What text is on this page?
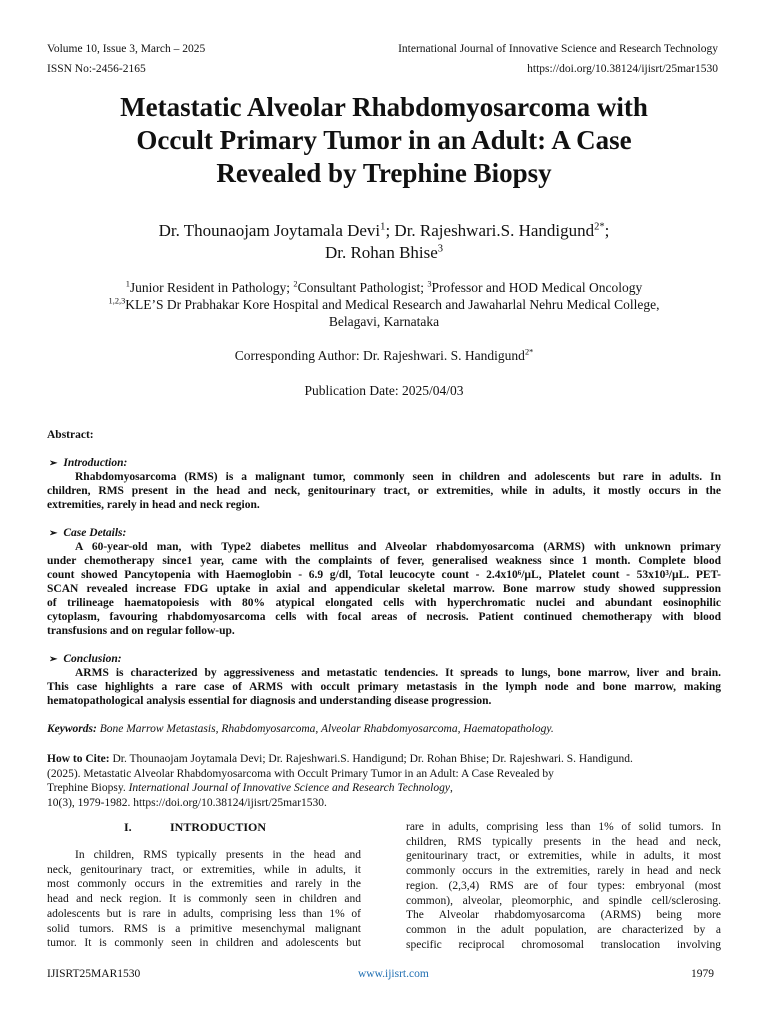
Volume 10, Issue 3, March – 2025	International Journal of Innovative Science and Research Technology
ISSN No:-2456-2165	https://doi.org/10.38124/ijisrt/25mar1530
Metastatic Alveolar Rhabdomyosarcoma with
Occult Primary Tumor in an Adult: A Case
Revealed by Trephine Biopsy
Dr. Thounaojam Joytamala Devi$^1$; Dr. Rajeshwari.S. Handigund$^{2*}$;
Dr. Rohan Bhise$^3$
$^1$Junior Resident in Pathology; $^2$Consultant Pathologist; $^3$Professor and HOD Medical Oncology
$^{1,2,3}$KLE’S Dr Prabhakar Kore Hospital and Medical Research and Jawaharlal Nehru Medical College,
Belagavi, Karnataka
Corresponding Author: Dr. Rajeshwari. S. Handigund$^{2*}$
Publication Date: 2025/04/03
Abstract:
➢ Introduction:
Rhabdomyosarcoma (RMS) is a malignant tumor, commonly seen in children and adolescents but rare in adults. In
children, RMS present in the head and neck, genitourinary tract, or extremities, while in adults, it mostly occurs in the
extremities, rarely in head and neck region.
➢ Case Details:
A 60-year-old man, with Type2 diabetes mellitus and Alveolar rhabdomyosarcoma (ARMS) with unknown primary
under chemotherapy since1 year, came with the complaints of fever, generalised weakness since 1 month. Complete blood
count showed Pancytopenia with Haemoglobin - 6.9 g/dl, Total leucocyte count - 2.4x10⁶/µL, Platelet count - 53x10³/µL. PET-
SCAN revealed increase FDG uptake in axial and appendicular skeletal marrow. Bone marrow study showed suppression
of trilineage haematopoiesis with 80% atypical elongated cells with hyperchromatic nuclei and abundant eosinophilic
cytoplasm, favouring rhabdomyosarcoma cells with focal areas of necrosis. Patient continued chemotherapy with blood
transfusions and on regular follow-up.
➢ Conclusion:
ARMS is characterized by aggressiveness and metastatic tendencies. It spreads to lungs, bone marrow, liver and brain.
This case highlights a rare case of ARMS with occult primary metastasis in the lymph node and bone marrow, making
hematopathological analysis essential for diagnosis and understanding disease progression.
Keywords: Bone Marrow Metastasis, Rhabdomyosarcoma, Alveolar Rhabdomyosarcoma, Haematopathology.
How to Cite: Dr. Thounaojam Joytamala Devi; Dr. Rajeshwari.S. Handigund; Dr. Rohan Bhise; Dr. Rajeshwari. S. Handigund.
(2025). Metastatic Alveolar Rhabdomyosarcoma with Occult Primary Tumor in an Adult: A Case Revealed by
Trephine Biopsy. International Journal of Innovative Science and Research Technology,
10(3), 1979-1982. https://doi.org/10.38124/ijisrt/25mar1530.
I.	INTRODUCTION
In children, RMS typically presents in the head and
neck, genitourinary tract, or extremities, while in adults, it
most commonly occurs in the extremities and rarely in the
head and neck region. It is commonly seen in children and
adolescents but is rare in adults, comprising less than 1% of
solid tumors. RMS is a primitive mesenchymal malignant
tumor. It is commonly seen in children and adolescents but
rare in adults, comprising less than 1% of solid tumors. In
children, RMS typically presents in the head and neck,
genitourinary tract, or extremities, while in adults, it most
commonly occurs in the extremities, rarely in head and neck
region. (2,3,4) RMS are of four types: embryonal (most
common), alveolar, pleomorphic, and spindle cell/sclerosing.
The Alveolar rhabdomyosarcoma (ARMS) being more
common in the adult population, are characterized by a
specific reciprocal chromosomal translocation involving
IJISRT25MAR1530	www.ijisrt.com	1979
